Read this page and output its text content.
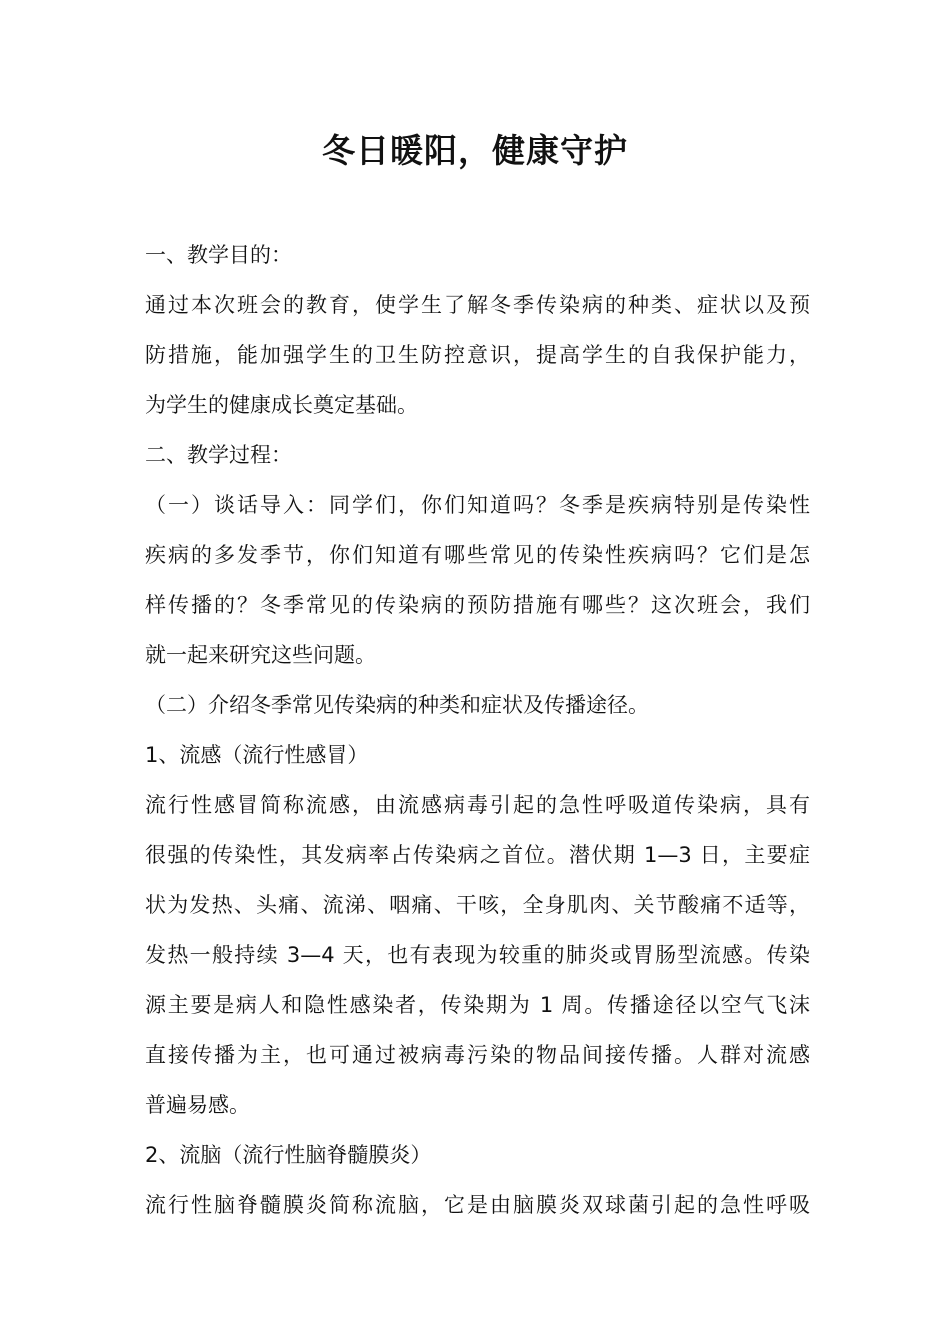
冬日暖阳，健康守护

一、教学目的：

通过本次班会的教育，使学生了解冬季传染病的种类、症状以及预

防措施，能加强学生的卫生防控意识，提高学生的自我保护能力，

为学生的健康成长奠定基础。

二、教学过程：

（一）谈话导入：同学们，你们知道吗？冬季是疾病特别是传染性

疾病的多发季节，你们知道有哪些常见的传染性疾病吗？它们是怎

样传播的？冬季常见的传染病的预防措施有哪些？这次班会，我们

就一起来研究这些问题。

（二）介绍冬季常见传染病的种类和症状及传播途径。

1、流感（流行性感冒）

流行性感冒简称流感，由流感病毒引起的急性呼吸道传染病，具有

很强的传染性，其发病率占传染病之首位。潜伏期 1—3 日，主要症

状为发热、头痛、流涕、咽痛、干咳，全身肌肉、关节酸痛不适等，

发热一般持续 3—4 天，也有表现为较重的肺炎或胃肠型流感。传染

源主要是病人和隐性感染者，传染期为 1 周。传播途径以空气飞沫

直接传播为主，也可通过被病毒污染的物品间接传播。人群对流感

普遍易感。

2、流脑（流行性脑脊髓膜炎）

流行性脑脊髓膜炎简称流脑，它是由脑膜炎双球菌引起的急性呼吸
